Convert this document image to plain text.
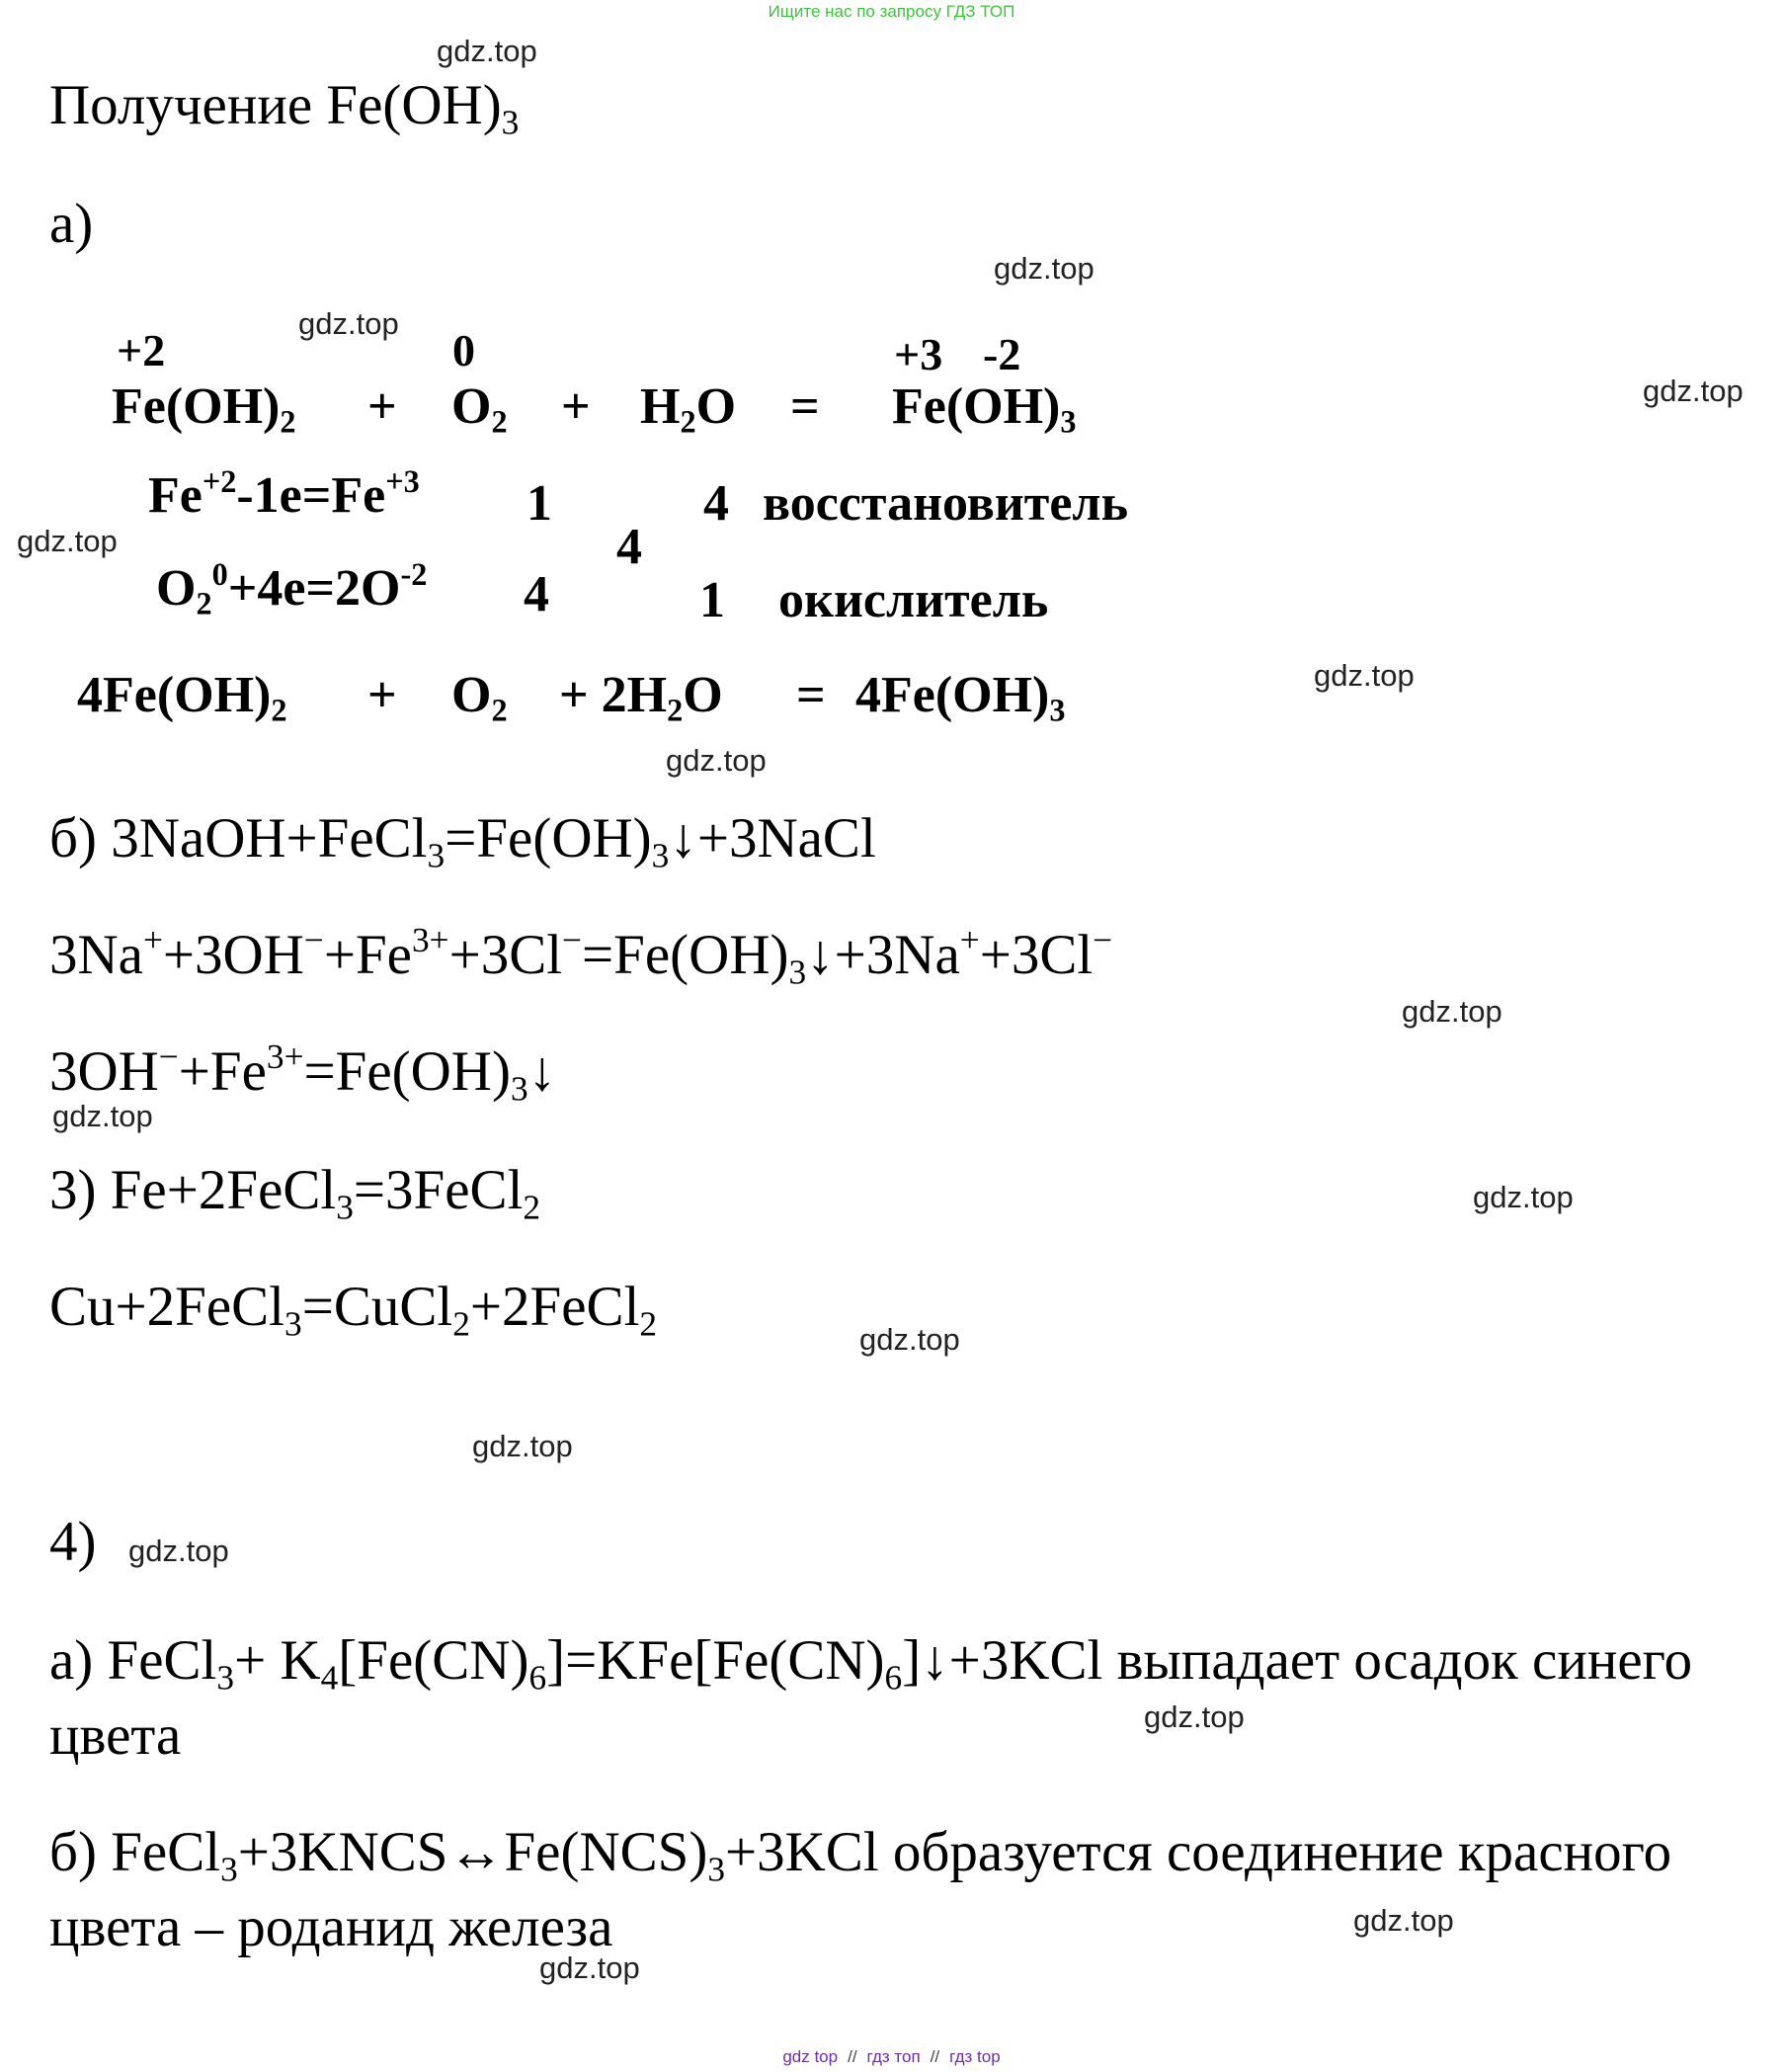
Ищите нас по запросу ГДЗ ТОП
Получение $Fe(OH)_3$
а)
+2	0	+3 -2
$Fe(OH)_2 + O_2 + H_2O = Fe(OH)_3$
$Fe^{+2}-1e=Fe^{+3}$ 1	4 восстановитель
4
$O_2^0+4e=2O^{-2}$ 4	1 окислитель
$4Fe(OH)_2 + O_2 + 2H_2O = 4Fe(OH)_3$
б) $3NaOH+FeCl_3=Fe(OH)_3↓+3NaCl$
$3Na^++3OH^-+Fe^{3+}+3Cl^-=Fe(OH)_3↓+3Na^++3Cl^-$
$3OH^-+Fe^{3+}=Fe(OH)_3↓$
3) Fe+2FeCl$_3$=3FeCl$_2$
Cu+2FeCl$_3$=CuCl$_2$+2FeCl$_2$
4)
а) FeCl$_3$+ $K_4[Fe(CN)_6]=KFe[Fe(CN)_6]↓+3KCl$ выпадает осадок синего
цвета
б) $FeCl_3+3KNCS\leftrightarrow Fe(NCS)_3+3KCl$ образуется соединение красного
цвета – роданид железа
gdz.top
gdz.top
gdz.top
gdz.top
gdz.top
gdz.top
gdz.top
gdz.top
gdz.top
gdz.top
gdz.top
gdz.top
gdz.top
gdz.top
gdz.top
gdz.top
gdz top // гдз топ // гдз top
